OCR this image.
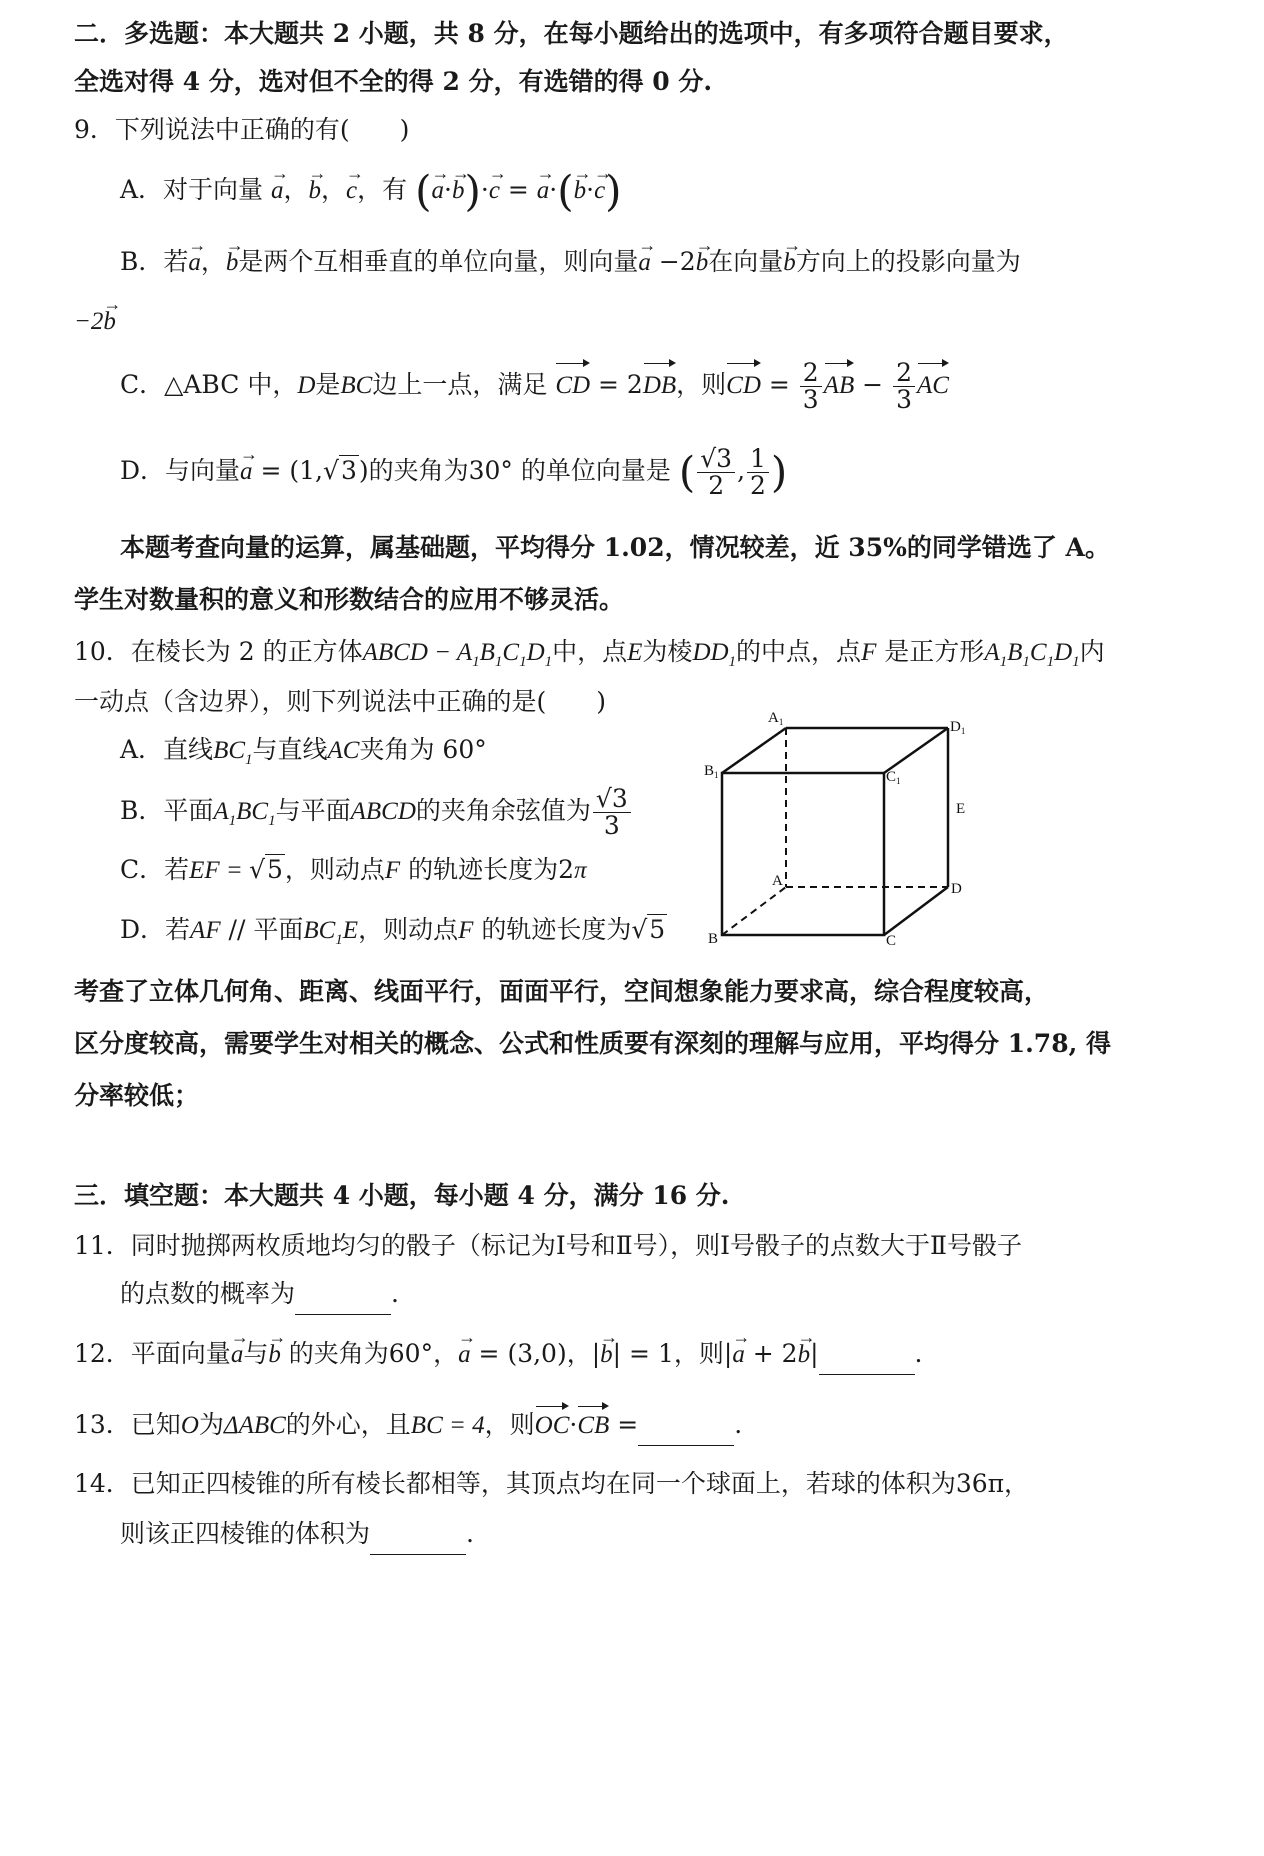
二．多选题：本大题共 2 小题，共 8 分，在每小题给出的选项中，有多项符合题目要求，
全选对得 4 分，选对但不全的得 2 分，有选错的得 0 分.
9．下列说法中正确的有(　　)
A．对于向量 → a，→ b，→ c，有 (→ a·→ b)·→ c = → a·(→ b·→ c)
B．若→ a，→ b是两个互相垂直的单位向量，则向量→ a −2→ b在向量→ b方向上的投影向量为
−2→ b
C．△ABC 中，D是BC边上一点，满足 CD = 2DB，则CD = $\frac{2}{3}$ AB − $\frac{2}{3}$ AC
D．与向量→ a = (1,√3)的夹角为30° 的单位向量是 ( $\frac{√3}{2}$ , $\frac{1}{2}$ )
本题考查向量的运算，属基础题，平均得分 1.02，情况较差，近 35%的同学错选了 A。
学生对数量积的意义和形数结合的应用不够灵活。
10．在棱长为 2 的正方体ABCD − $A_1B_1C_1D_1$中，点E为棱$DD_1$的中点，点F 是正方形$A_1B_1C_1D_1$内
一动点（含边界），则下列说法中正确的是(　　)
A．直线$BC_1$与直线AC夹角为 60°
B．平面$A_1BC_1$与平面ABCD的夹角余弦值为 $\frac{√3}{3}$
C．若EF = √5，则动点F 的轨迹长度为2π
D．若AF // 平面$BC_1E$，则动点F 的轨迹长度为√5
$A_1$	$D_1$
$B_1$	$C_1$
E
A	D
B	C
考查了立体几何角、距离、线面平行，面面平行，空间想象能力要求高，综合程度较高，
区分度较高，需要学生对相关的概念、公式和性质要有深刻的理解与应用，平均得分 1.78, 得
分率较低；
三．填空题：本大题共 4 小题，每小题 4 分，满分 16 分.
11．同时抛掷两枚质地均匀的骰子（标记为Ⅰ号和Ⅱ号），则Ⅰ号骰子的点数大于Ⅱ号骰子
的点数的概率为	.
12．平面向量→ a与→ b 的夹角为60°，→ a = (3,0)，|→ b| = 1，则|→ a + 2→ b|	.
13．已知O为ΔABC的外心，且BC = 4，则OC·CB =	.
14．已知正四棱锥的所有棱长都相等，其顶点均在同一个球面上，若球的体积为36π，
则该正四棱锥的体积为	.
